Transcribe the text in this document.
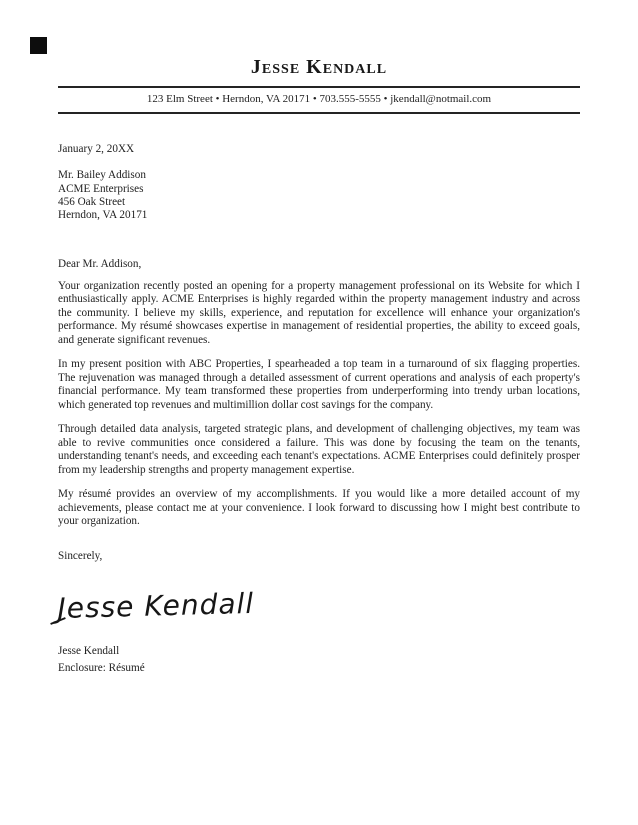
Jesse Kendall

123 Elm Street • Herndon, VA 20171 • 703.555-5555 • jkendall@notmail.com

January 2, 20XX

Mr. Bailey Addison

ACME Enterprises

456 Oak Street

Herndon, VA 20171

Dear Mr. Addison,

Your organization recently posted an opening for a property management professional on its Website for which I enthusiastically apply. ACME Enterprises is highly regarded within the property management industry and across the community. I believe my skills, experience, and reputation for excellence will enhance your organization's performance. My résumé showcases expertise in management of residential properties, the ability to exceed goals, and generate significant revenues.

In my present position with ABC Properties, I spearheaded a top team in a turnaround of six flagging properties. The rejuvenation was managed through a detailed assessment of current operations and analysis of each property's financial performance. My team transformed these properties from underperforming into trendy urban locations, which generated top revenues and multimillion dollar cost savings for the company.

Through detailed data analysis, targeted strategic plans, and development of challenging objectives, my team was able to revive communities once considered a failure. This was done by focusing the team on the tenants, understanding tenant's needs, and exceeding each tenant's expectations. ACME Enterprises could definitely prosper from my leadership strengths and property management expertise.

My résumé provides an overview of my accomplishments. If you would like a more detailed account of my achievements, please contact me at your convenience. I look forward to discussing how I might best contribute to your organization.

Sincerely,

Jesse Kendall

Jesse Kendall

Enclosure: Résumé
